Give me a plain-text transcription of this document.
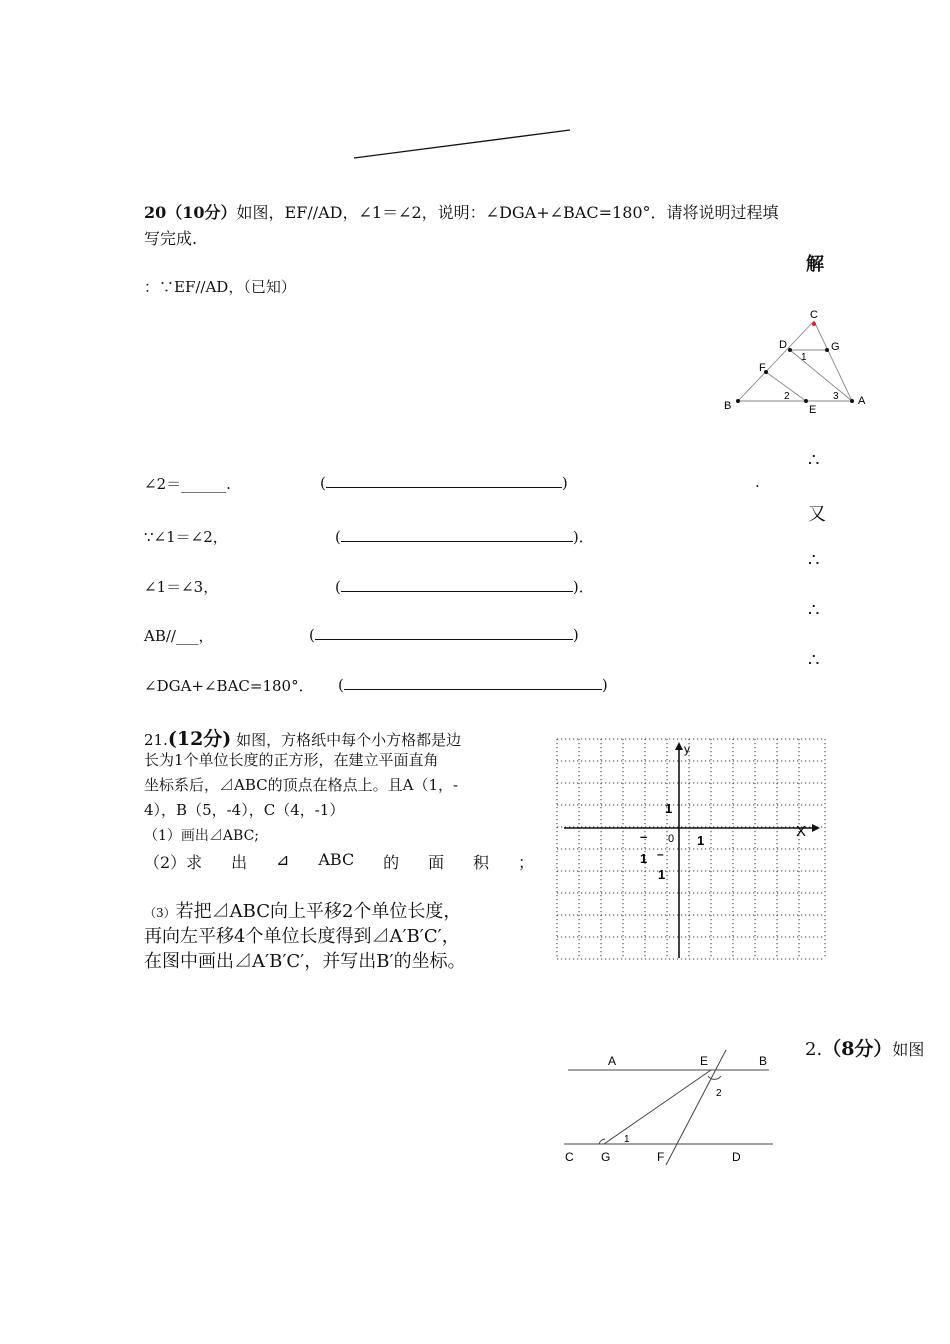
20（10分）如图，EF//AD，∠1＝∠2，说明：∠DGA+∠BAC=180°．请将说明过程填
写完成.
解
：∵EF//AD，（已知）
C
D	G
1
F
2	3
B	E
A
∴
又
∴
∴
∴
∠2＝______.	(	)	.
∵∠1＝∠2，	(	)．
∠1＝∠3，	(	)．
AB//___，	(	)
∠DGA+∠BAC=180°． (	)
21.(12分) 如图，方格纸中每个小方格都是边
长为1个单位长度的正方形，在建立平面直角
坐标系后，⊿ABC的顶点在格点上。且A（1，-
4），B（5，-4），C（4，-1）
（1）画出⊿ABC;
（2）求 出 ⊿ ABC 的 面 积 ；
（3）若把⊿ABC向上平移2个单位长度，
再向左平移4个单位长度得到⊿A′B′C′，
在图中画出⊿A′B′C′，并写出B′的坐标。
y
X
1
0 1
–
1 –
1
2.（8分）如图
A	E	B
2
1
C G	F	D
